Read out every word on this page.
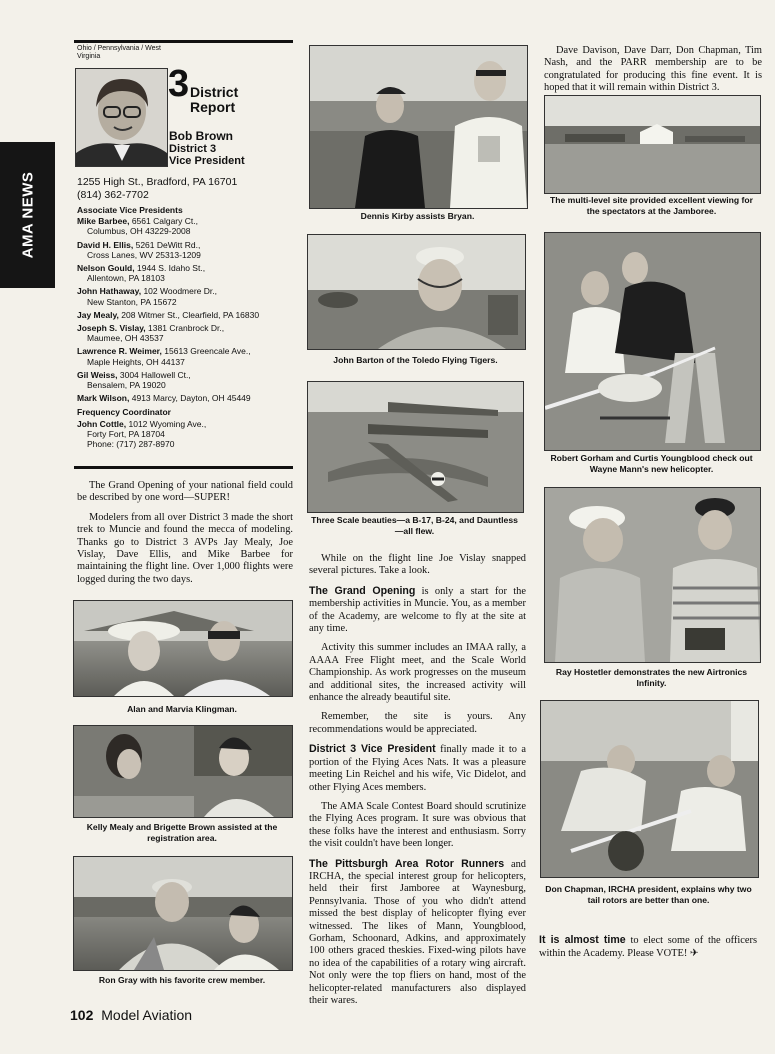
AMA NEWS
Ohio / Pennsylvania / West Virginia
3 District
Report
Bob Brown
District 3
Vice President
1255 High St., Bradford, PA 16701
(814) 362-7702
Associate Vice Presidents
Mike Barbee, 6561 Calgary Ct.,
Columbus, OH 43229-2008
David H. Ellis, 5261 DeWitt Rd.,
Cross Lanes, WV 25313-1209
Nelson Gould, 1944 S. Idaho St.,
Allentown, PA 18103
John Hathaway, 102 Woodmere Dr.,
New Stanton, PA 15672
Jay Mealy, 208 Witmer St., Clearfield, PA 16830
Joseph S. Vislay, 1381 Cranbrock Dr.,
Maumee, OH 43537
Lawrence R. Weimer, 15613 Greencale Ave.,
Maple Heights, OH 44137
Gil Weiss, 3004 Hallowell Ct.,
Bensalem, PA 19020
Mark Wilson, 4913 Marcy, Dayton, OH 45449
Frequency Coordinator
John Cottle, 1012 Wyoming Ave.,
Forty Fort, PA 18704
Phone: (717) 287-8970

The Grand Opening of your national field could be described by one word—SUPER!

Modelers from all over District 3 made the short trek to Muncie and found the mecca of modeling. Thanks go to District 3 AVPs Jay Mealy, Joe Vislay, Dave Ellis, and Mike Barbee for maintaining the flight line. Over 1,000 flights were logged during the two days.

Alan and Marvia Klingman.
Kelly Mealy and Brigette Brown assisted at the registration area.
Ron Gray with his favorite crew member.
Dennis Kirby assists Bryan.
John Barton of the Toledo Flying Tigers.
Three Scale beauties—a B-17, B-24, and Dauntless—all flew.

While on the flight line Joe Vislay snapped several pictures. Take a look.

The Grand Opening is only a start for the membership activities in Muncie. You, as a member of the Academy, are welcome to fly at the site at any time.

Activity this summer includes an IMAA rally, a AAAA Free Flight meet, and the Scale World Championship. As work progresses on the museum and additional sites, the increased activity will enhance the already beautiful site.

Remember, the site is yours. Any recommendations would be appreciated.

District 3 Vice President finally made it to a portion of the Flying Aces Nats. It was a pleasure meeting Lin Reichel and his wife, Vic Didelot, and other Flying Aces members.

The AMA Scale Contest Board should scrutinize the Flying Aces program. It sure was obvious that these folks have the interest and enthusiasm. Sorry the visit couldn't have been longer.

The Pittsburgh Area Rotor Runners and IRCHA, the special interest group for helicopters, held their first Jamboree at Waynesburg, Pennsylvania. Those of you who didn't attend missed the best display of helicopter flying ever witnessed. The likes of Mann, Youngblood, Gorham, Schoonard, Adkins, and approximately 100 others graced theskies. Fixed-wing pilots have no idea of the capabilities of a rotary wing aircraft. Not only were the top fliers on hand, most of the helicopter-related manufacturers also displayed their wares.

Dave Davison, Dave Darr, Don Chapman, Tim Nash, and the PARR membership are to be congratulated for producing this fine event. It is hoped that it will remain within District 3.

The multi-level site provided excellent viewing for the spectators at the Jamboree.
Robert Gorham and Curtis Youngblood check out Wayne Mann's new helicopter.
Ray Hostetler demonstrates the new Airtronics Infinity.
Don Chapman, IRCHA president, explains why two tail rotors are better than one.

It is almost time to elect some of the officers within the Academy. Please VOTE! ✈

102 Model Aviation
